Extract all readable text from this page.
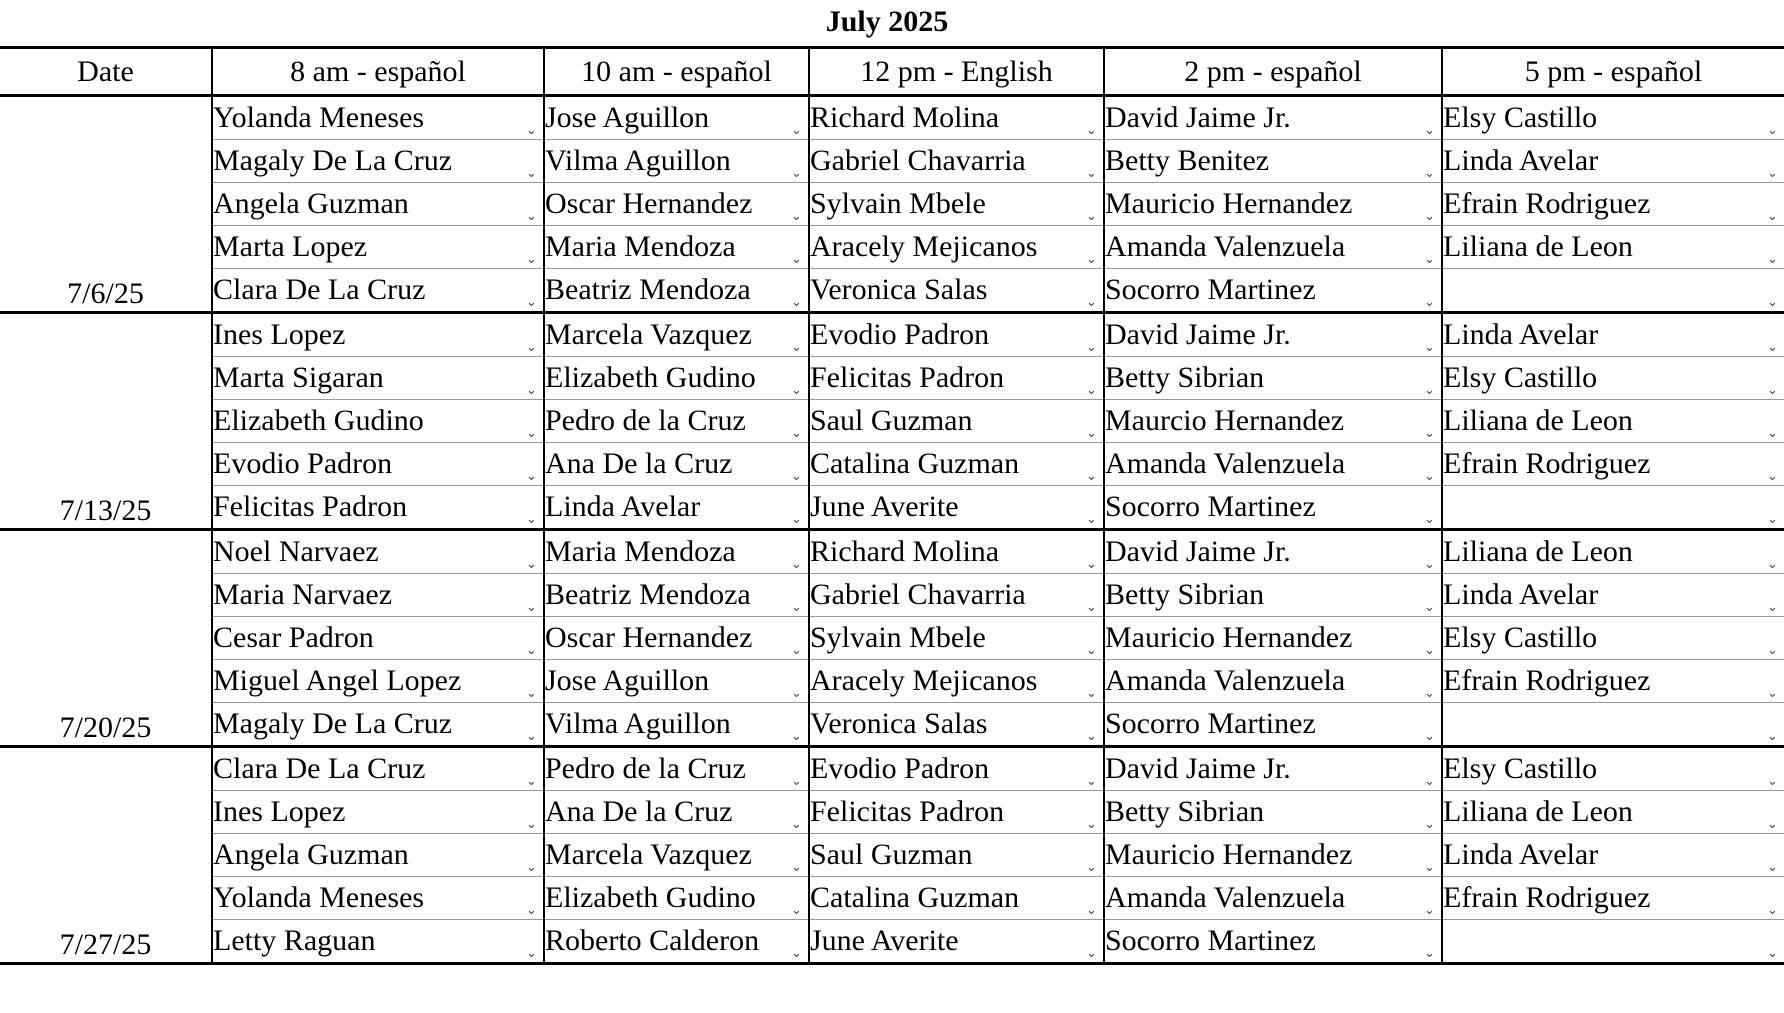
July 2025
Date	8 am - español	10 am - español	12 pm - English	2 pm - español	5 pm - español
7/6/25	Yolanda Meneses ⌄	Jose Aguillon ⌄	Richard Molina ⌄	David Jaime Jr. ⌄	Elsy Castillo ⌄

	Magaly De La Cruz ⌄	Vilma Aguillon ⌄	Gabriel Chavarria ⌄	Betty Benitez ⌄	Linda Avelar ⌄

	Angela Guzman ⌄	Oscar Hernandez ⌄	Sylvain Mbele ⌄	Mauricio Hernandez ⌄	Efrain Rodriguez ⌄

	Marta Lopez ⌄	Maria Mendoza ⌄	Aracely Mejicanos ⌄	Amanda Valenzuela ⌄	Liliana de Leon ⌄

	Clara De La Cruz ⌄	Beatriz Mendoza ⌄	Veronica Salas ⌄	Socorro Martinez ⌄	⌄

7/13/25	Ines Lopez ⌄	Marcela Vazquez ⌄	Evodio Padron ⌄	David Jaime Jr. ⌄	Linda Avelar ⌄

	Marta Sigaran ⌄	Elizabeth Gudino ⌄	Felicitas Padron ⌄	Betty Sibrian ⌄	Elsy Castillo ⌄

	Elizabeth Gudino ⌄	Pedro de la Cruz ⌄	Saul Guzman ⌄	Maurcio Hernandez ⌄	Liliana de Leon ⌄

	Evodio Padron ⌄	Ana De la Cruz ⌄	Catalina Guzman ⌄	Amanda Valenzuela ⌄	Efrain Rodriguez ⌄

	Felicitas Padron ⌄	Linda Avelar ⌄	June Averite ⌄	Socorro Martinez ⌄	⌄

7/20/25	Noel Narvaez ⌄	Maria Mendoza ⌄	Richard Molina ⌄	David Jaime Jr. ⌄	Liliana de Leon ⌄

	Maria Narvaez ⌄	Beatriz Mendoza ⌄	Gabriel Chavarria ⌄	Betty Sibrian ⌄	Linda Avelar ⌄

	Cesar Padron ⌄	Oscar Hernandez ⌄	Sylvain Mbele ⌄	Mauricio Hernandez ⌄	Elsy Castillo ⌄

	Miguel Angel Lopez ⌄	Jose Aguillon ⌄	Aracely Mejicanos ⌄	Amanda Valenzuela ⌄	Efrain Rodriguez ⌄

	Magaly De La Cruz ⌄	Vilma Aguillon ⌄	Veronica Salas ⌄	Socorro Martinez ⌄	⌄

7/27/25	Clara De La Cruz ⌄	Pedro de la Cruz ⌄	Evodio Padron ⌄	David Jaime Jr. ⌄	Elsy Castillo ⌄

	Ines Lopez ⌄	Ana De la Cruz ⌄	Felicitas Padron ⌄	Betty Sibrian ⌄	Liliana de Leon ⌄

	Angela Guzman ⌄	Marcela Vazquez ⌄	Saul Guzman ⌄	Mauricio Hernandez ⌄	Linda Avelar ⌄

	Yolanda Meneses ⌄	Elizabeth Gudino ⌄	Catalina Guzman ⌄	Amanda Valenzuela ⌄	Efrain Rodriguez ⌄

	Letty Raguan ⌄	Roberto Calderon ⌄	June Averite ⌄	Socorro Martinez ⌄	⌄
